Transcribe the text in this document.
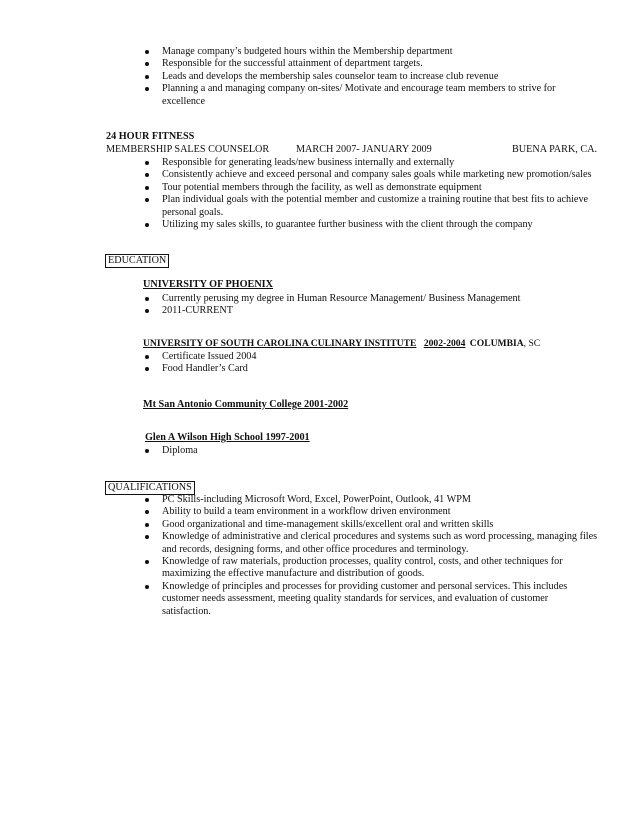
Manage company’s budgeted hours within the Membership department
Responsible for the successful attainment of department targets.
Leads and develops the membership sales counselor team to increase club revenue
Planning a and managing company on-sites/ Motivate and encourage team members to strive for excellence
24 HOUR FITNESS
MEMBERSHIP SALES COUNSELOR	MARCH 2007- JANUARY 2009	BUENA PARK, CA.
Responsible for generating leads/new business internally and externally
Consistently achieve and exceed personal and company sales goals while marketing new promotion/sales
Tour potential members through the facility, as well as demonstrate equipment
Plan individual goals with the potential member and customize a training routine that best fits to achieve personal goals.
Utilizing my sales skills, to guarantee further business with the client through the company
EDUCATION
UNIVERSITY OF PHOENIX
Currently perusing my degree in Human Resource Management/ Business Management
2011-CURRENT
UNIVERSITY OF SOUTH CAROLINA CULINARY INSTITUTE 2002-2004 COLUMBIA, SC
Certificate Issued 2004
Food Handler’s Card
Mt San Antonio Community College 2001-2002
Glen A Wilson High School 1997-2001
Diploma
QUALIFICATIONS
PC Skills-including Microsoft Word, Excel, PowerPoint, Outlook, 41 WPM
Ability to build a team environment in a workflow driven environment
Good organizational and time-management skills/excellent oral and written skills
Knowledge of administrative and clerical procedures and systems such as word processing, managing files and records, designing forms, and other office procedures and terminology.
Knowledge of raw materials, production processes, quality control, costs, and other techniques for maximizing the effective manufacture and distribution of goods.
Knowledge of principles and processes for providing customer and personal services. This includes customer needs assessment, meeting quality standards for services, and evaluation of customer satisfaction.
